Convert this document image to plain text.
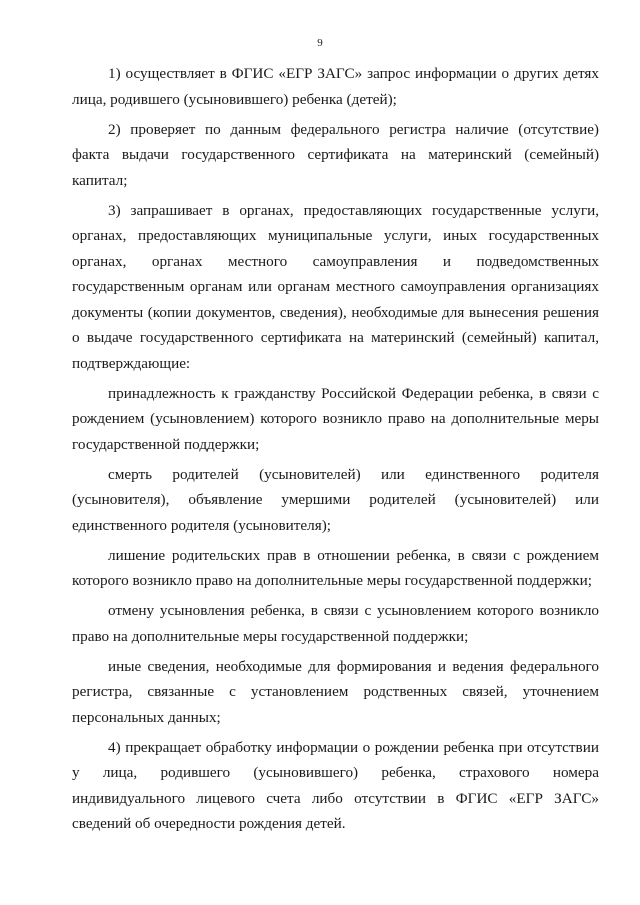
9

1) осуществляет в ФГИС «ЕГР ЗАГС» запрос информации о других детях лица, родившего (усыновившего) ребенка (детей);

2) проверяет по данным федерального регистра наличие (отсутствие) факта выдачи государственного сертификата на материнский (семейный) капитал;

3) запрашивает в органах, предоставляющих государственные услуги, органах, предоставляющих муниципальные услуги, иных государственных органах, органах местного самоуправления и подведомственных государственным органам или органам местного самоуправления организациях документы (копии документов, сведения), необходимые для вынесения решения о выдаче государственного сертификата на материнский (семейный) капитал, подтверждающие:

принадлежность к гражданству Российской Федерации ребенка, в связи с рождением (усыновлением) которого возникло право на дополнительные меры государственной поддержки;

смерть родителей (усыновителей) или единственного родителя (усыновителя), объявление умершими родителей (усыновителей) или единственного родителя (усыновителя);

лишение родительских прав в отношении ребенка, в связи с рождением которого возникло право на дополнительные меры государственной поддержки;

отмену усыновления ребенка, в связи с усыновлением которого возникло право на дополнительные меры государственной поддержки;

иные сведения, необходимые для формирования и ведения федерального регистра, связанные с установлением родственных связей, уточнением персональных данных;

4) прекращает обработку информации о рождении ребенка при отсутствии у лица, родившего (усыновившего) ребенка, страхового номера индивидуального лицевого счета либо отсутствии в ФГИС «ЕГР ЗАГС» сведений об очередности рождения детей.
